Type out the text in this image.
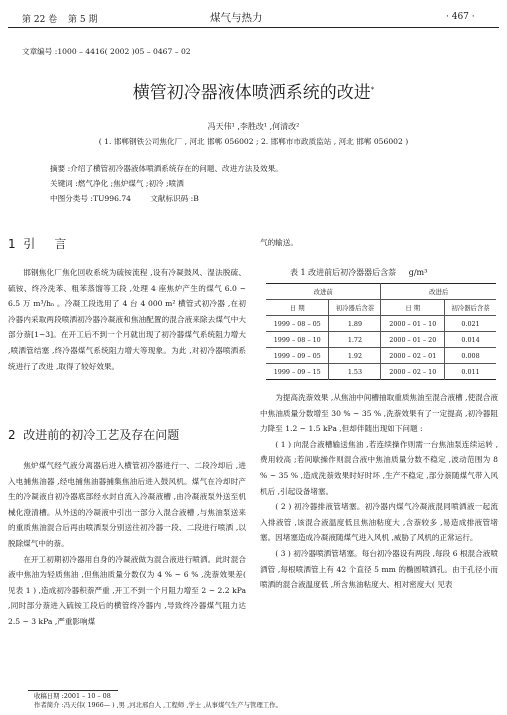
第 22 卷 第 5 期	煤气与热力	· 467 ·
文章编号 :1000 – 4416( 2002 )05 – 0467 – 02
横管初冷器液体喷洒系统的改进*
冯天伟¹ ,李胜改¹ ,何清改²
( 1. 邯郸钢铁公司焦化厂 , 河北 邯郸 056002 ; 2. 邯郸市市政质监站 , 河北 邯郸 056002 )
摘要 :介绍了横管初冷器液体喷洒系统存在的问题、改进方法及效果。
关键词 :燃气净化 ;焦炉煤气 ;初冷 ;喷洒
中图分类号 :TU996.74        文献标识码 :B
1  引     言

邯钢焦化厂焦化回收系统为硫铵流程 ,设有冷凝鼓风、湿法脱硫、硫铵、终冷洗苯、粗苯蒸馏等工段 ,处理 4 座焦炉产生的煤气 6.0 ~ 6.5 万 m³/hₙ 。冷凝工段选用了 4 台 4 000 m² 横管式初冷器 ,在初冷器内采取两段喷洒初冷器冷凝液和焦油配置的混合液来除去煤气中大部分萘[1~3]。在开工后不到一个月就出现了初冷器煤气系统阻力增大 ,喷洒管结塞 ,终冷器煤气系统阻力增大等现象。为此 ,对初冷器喷洒系统进行了改进 ,取得了较好效果。

2  改进前的初冷工艺及存在问题

焦炉煤气经气液分离器后进入横管初冷器进行一、二段冷却后 ,进入电捕焦油器 ,经电捕焦油器捕集焦油后进入鼓风机。煤气在冷却时产生的冷凝液自初冷器底部经水封自流入冷凝液槽 ,由冷凝液泵外送至机械化澄清槽。从外送的冷凝液中引出一部分入混合液槽 ,与焦油泵送来的重质焦油混合后再由喷洒泵分别送往初冷器一段、二段进行喷洒 ,以脱除煤气中的萘。

在开工初期初冷器用自身的冷凝液做为混合液进行喷洒。此时混合液中焦油为轻质焦油 ,但焦油质量分数仅为 4 % ~ 6 % ,洗萘效果差( 见表 1 ) ,造成初冷器积萘严重 ,开工不到一个月阻力增至 2 ~ 2.2 kPa ,同时部分萘进入硫铵工段后的横管终冷器内 ,导致终冷器煤气阻力达 2.5 ~ 3 kPa ,严重影响煤

气的输送。
表 1 改进前后初冷器器后含萘 g/m³
改进前		改进后	
日 期	初冷器后含萘	日 期	初冷器后含萘
1999 – 08 – 05	1.89	2000 – 01 – 10	0.021
1999 – 08 – 10	1.72	2000 – 01 – 20	0.014
1999 – 09 – 05	1.92	2000 – 02 – 01	0.008
1999 – 09 – 15	1.53	2000 – 02 – 10	0.011

为提高洗萘效果 ,从焦油中间槽抽取重质焦油至混合液槽 ,使混合液中焦油质量分数增至 30 % ~ 35 % ,洗萘效果有了一定提高 ,初冷器阻力降至 1.2 ~ 1.5 kPa ,但却伴随出现如下问题 :

( 1 ) 向混合液槽输送焦油 ,若连续操作则需一台焦油泵连续运转 ,费用较高 ;若间歇操作则混合液中焦油质量分数不稳定 ,波动范围为 8 % ~ 35 % ,造成洗萘效果时好时坏 ,生产不稳定 ,部分萘随煤气带入风机后 ,引起设备堵塞。

( 2 ) 初冷器排液管堵塞。初冷器内煤气冷凝液混同喷洒液一起流入排液管 ,该混合液温度低且焦油粘度大 ,含萘较多 ,易造成排液管堵塞。因堵塞造成冷凝液随煤气进入风机 ,威胁了风机的正常运行。

( 3 ) 初冷器喷洒管堵塞。每台初冷器设有两段 ,每段 6 根混合液喷洒管 ,每根喷洒管上有 42 个直径 5 mm 的椭圆喷洒孔。由于孔径小而喷洒的混合液温度低 ,所含焦油粘度大、相对密度大( 见表

收稿日期 :2001 – 10 – 08
作者简介 :冯天伟( 1966— ) ,男 ,河北邢台人 ,工程师 ,学士 ,从事煤气生产与管理工作。
